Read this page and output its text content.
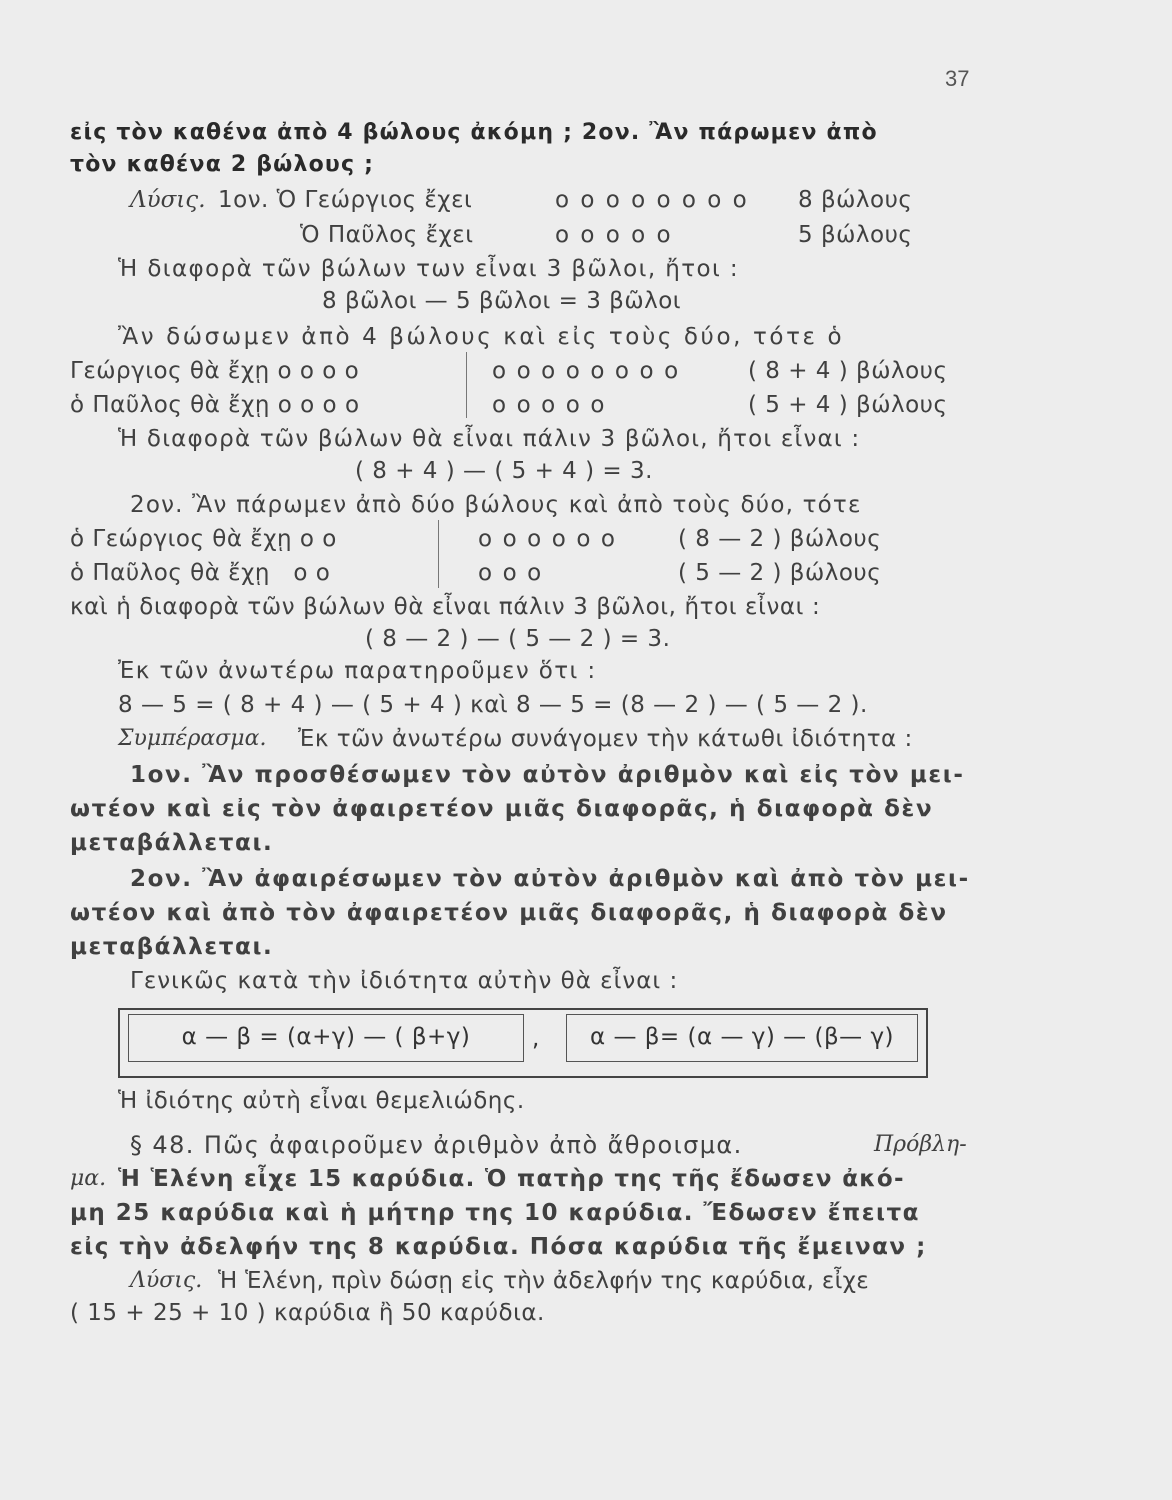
37
εἰς τὸν καθένα ἀπὸ 4 βώλους ἀκόμη ; 2ον. Ἂν πάρωμεν ἀπὸ
τὸν καθένα 2 βώλους ;
Λύσις. 1ον. Ὁ Γεώργιος ἔχει	ο ο ο ο ο ο ο ο 8 βώλους
Ὁ Παῦλος ἔχει	ο ο ο ο ο	5 βώλους
Ἡ διαφορὰ τῶν βώλων των εἶναι 3 βῶλοι, ἤτοι :
8 βῶλοι — 5 βῶλοι = 3 βῶλοι
Ἂν δώσωμεν ἀπὸ 4 βώλους καὶ εἰς τοὺς δύο, τότε ὁ
Γεώργιος θὰ ἔχῃ ο ο ο ο	ο ο ο ο ο ο ο ο	( 8 + 4 ) βώλους
ὁ Παῦλος θὰ ἔχῃ ο ο ο ο	ο ο ο ο ο	( 5 + 4 ) βώλους
Ἡ διαφορὰ τῶν βώλων θὰ εἶναι πάλιν 3 βῶλοι, ἤτοι εἶναι :
( 8 + 4 ) — ( 5 + 4 ) = 3.
2ον. Ἂν πάρωμεν ἀπὸ δύο βώλους καὶ ἀπὸ τοὺς δύο, τότε
ὁ Γεώργιος θὰ ἔχῃ ο ο	ο ο ο ο ο ο	( 8 — 2 ) βώλους
ὁ Παῦλος θὰ ἔχῃ   ο ο	ο ο ο	( 5 — 2 ) βώλους
καὶ ἡ διαφορὰ τῶν βώλων θὰ εἶναι πάλιν 3 βῶλοι, ἤτοι εἶναι :
( 8 — 2 ) — ( 5 — 2 ) = 3.
Ἐκ τῶν ἀνωτέρω παρατηροῦμεν ὅτι :
8 — 5 = ( 8 + 4 ) — ( 5 + 4 ) καὶ 8 — 5 = (8 — 2 ) — ( 5 — 2 ).
Συμπέρασμα. Ἐκ τῶν ἀνωτέρω συνάγομεν τὴν κάτωθι ἰδιότητα :
1ον. Ἂν προσθέσωμεν τὸν αὐτὸν ἀριθμὸν καὶ εἰς τὸν μει-
ωτέον καὶ εἰς τὸν ἀφαιρετέον μιᾶς διαφορᾶς, ἡ διαφορὰ δὲν
μεταβάλλεται.
2ον. Ἂν ἀφαιρέσωμεν τὸν αὐτὸν ἀριθμὸν καὶ ἀπὸ τὸν μει-
ωτέον καὶ ἀπὸ τὸν ἀφαιρετέον μιᾶς διαφορᾶς, ἡ διαφορὰ δὲν
μεταβάλλεται.
Γενικῶς κατὰ τὴν ἰδιότητα αὐτὴν θὰ εἶναι :
α — β = (α+γ) — ( β+γ)	,	α — β= (α — γ) — (β— γ)
Ἡ ἰδιότης αὐτὴ εἶναι θεμελιώδης.
§ 48. Πῶς ἀφαιροῦμεν ἀριθμὸν ἀπὸ ἄθροισμα.	Πρόβλη-
μα. Ἡ Ἑλένη εἶχε 15 καρύδια. Ὁ πατὴρ της τῆς ἔδωσεν ἀκό-
μη 25 καρύδια καὶ ἡ μήτηρ της 10 καρύδια. Ἔδωσεν ἔπειτα
εἰς τὴν ἀδελφήν της 8 καρύδια. Πόσα καρύδια τῆς ἔμειναν ;
Λύσις. Ἡ Ἑλένη, πρὶν δώσῃ εἰς τὴν ἀδελφήν της καρύδια, εἶχε
( 15 + 25 + 10 ) καρύδια ἢ 50 καρύδια.
